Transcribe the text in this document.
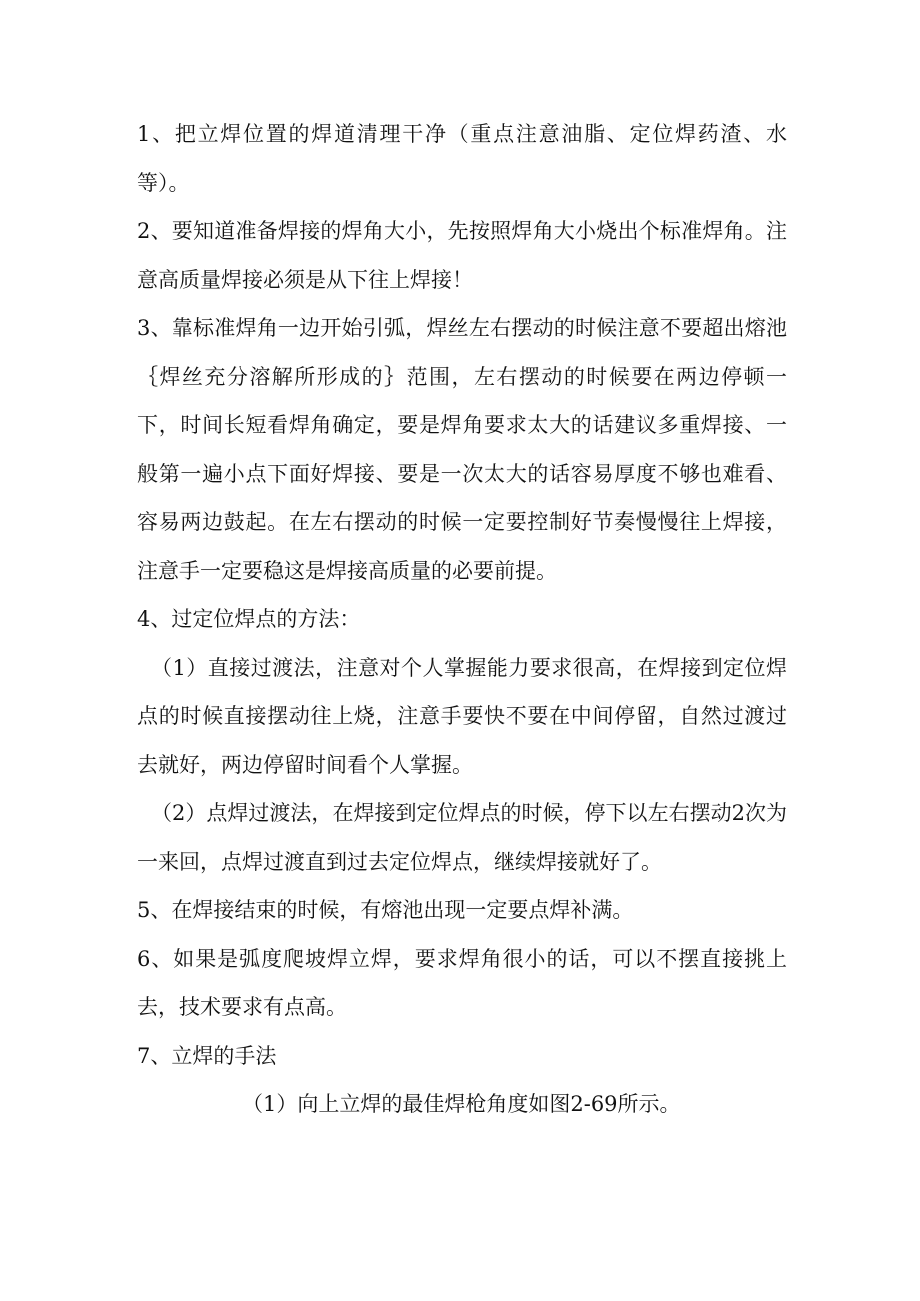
1、把立焊位置的焊道清理干净（重点注意油脂、定位焊药渣、水等）。

2、要知道准备焊接的焊角大小，先按照焊角大小烧出个标准焊角。注意高质量焊接必须是从下往上焊接！

3、靠标准焊角一边开始引弧，焊丝左右摆动的时候注意不要超出熔池｛焊丝充分溶解所形成的｝范围，左右摆动的时候要在两边停顿一下，时间长短看焊角确定，要是焊角要求太大的话建议多重焊接、一般第一遍小点下面好焊接、要是一次太大的话容易厚度不够也难看、容易两边鼓起。在左右摆动的时候一定要控制好节奏慢慢往上焊接，注意手一定要稳这是焊接高质量的必要前提。

4、过定位焊点的方法：

（1）直接过渡法，注意对个人掌握能力要求很高，在焊接到定位焊点的时候直接摆动往上烧，注意手要快不要在中间停留，自然过渡过去就好，两边停留时间看个人掌握。

（2）点焊过渡法，在焊接到定位焊点的时候，停下以左右摆动2次为一来回，点焊过渡直到过去定位焊点，继续焊接就好了。

5、在焊接结束的时候，有熔池出现一定要点焊补满。

6、如果是弧度爬坡焊立焊，要求焊角很小的话，可以不摆直接挑上去，技术要求有点高。

7、立焊的手法

（1）向上立焊的最佳焊枪角度如图2-69所示。
